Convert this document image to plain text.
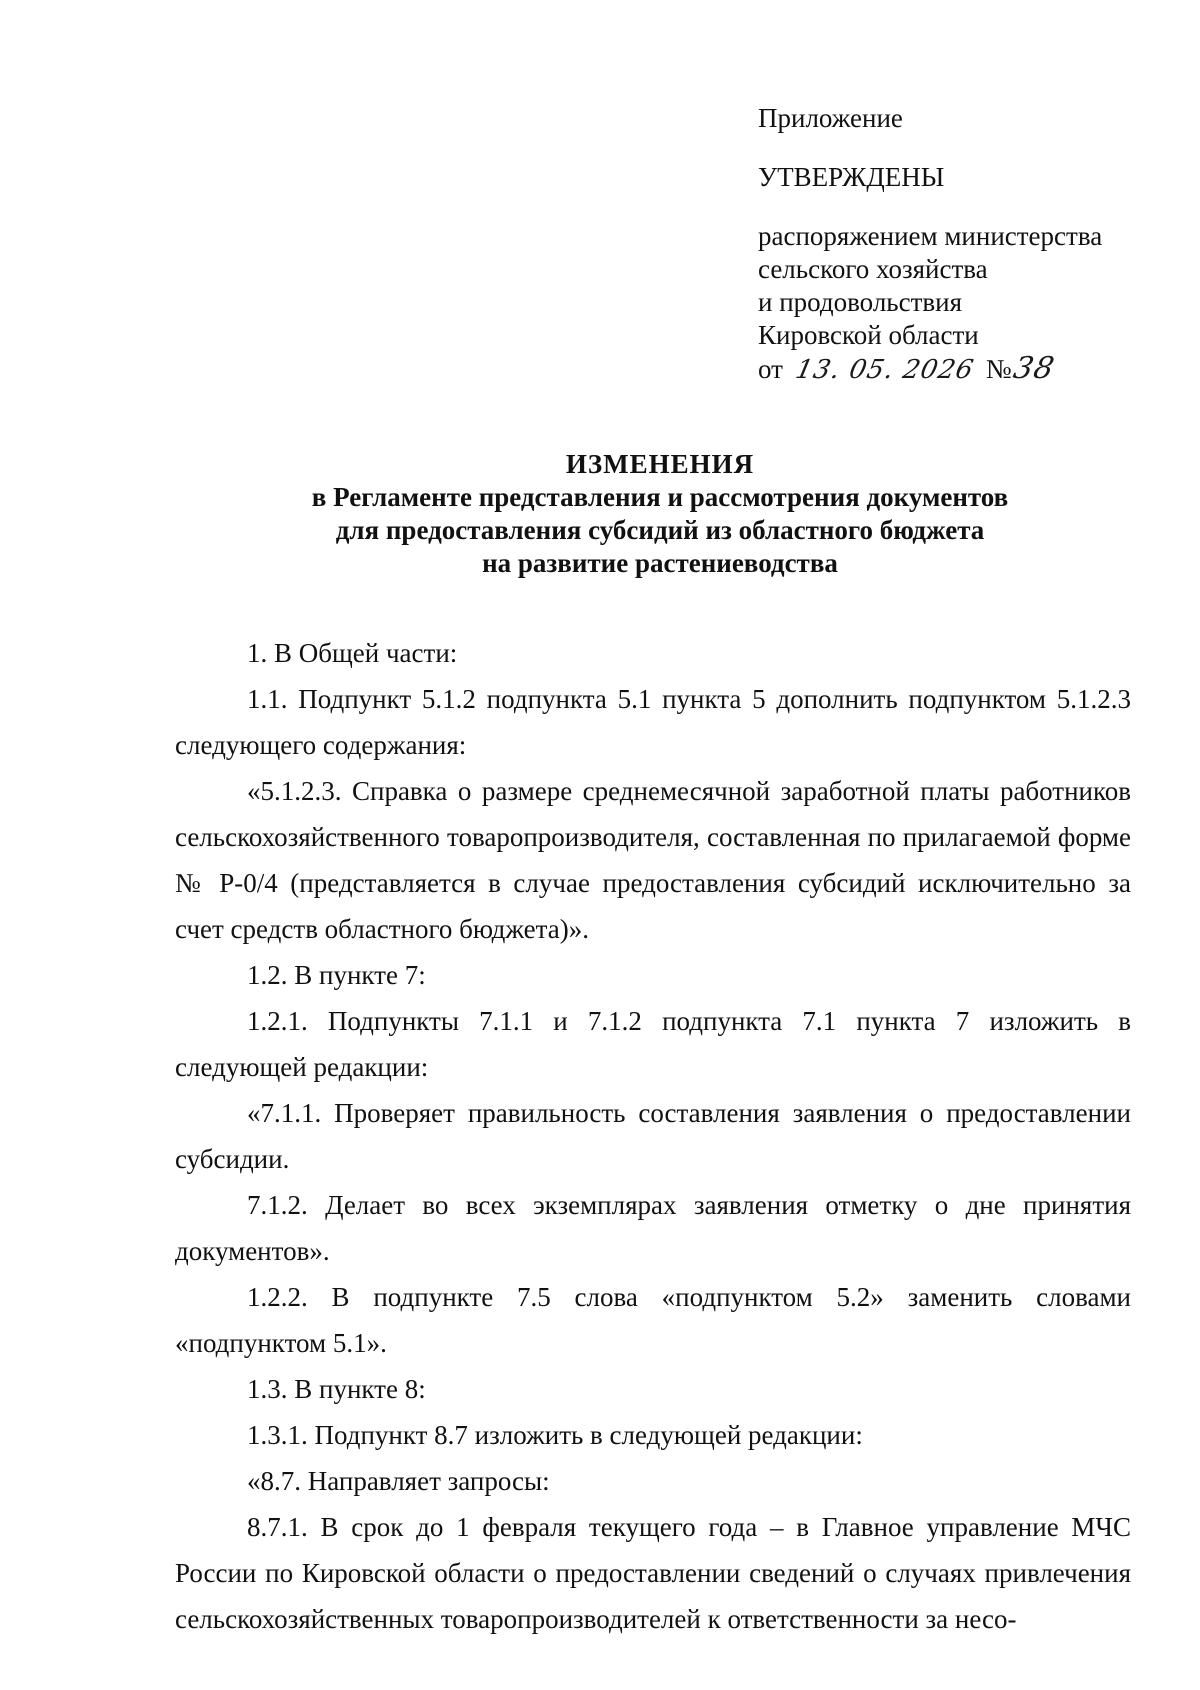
Приложение

УТВЕРЖДЕНЫ

распоряжением министерства

сельского хозяйства

и продовольствия

Кировской области

от 13. 05. 2026 №38

ИЗМЕНЕНИЯ
в Регламенте представления и рассмотрения документов
для предоставления субсидий из областного бюджета
на развитие растениеводства

1. В Общей части:

1.1. Подпункт 5.1.2 подпункта 5.1 пункта 5 дополнить подпунктом 5.1.2.3 следующего содержания:

«5.1.2.3. Справка о размере среднемесячной заработной платы работников сельскохозяйственного товаропроизводителя, составленная по прилагаемой форме № Р-0/4 (представляется в случае предоставления субсидий исключительно за счет средств областного бюджета)».

1.2. В пункте 7:

1.2.1. Подпункты 7.1.1 и 7.1.2 подпункта 7.1 пункта 7 изложить в следующей редакции:

«7.1.1. Проверяет правильность составления заявления о предоставлении субсидии.

7.1.2. Делает во всех экземплярах заявления отметку о дне принятия документов».

1.2.2. В подпункте 7.5 слова «подпунктом 5.2» заменить словами «подпунктом 5.1».

1.3. В пункте 8:

1.3.1. Подпункт 8.7 изложить в следующей редакции:

«8.7. Направляет запросы:

8.7.1. В срок до 1 февраля текущего года – в Главное управление МЧС России по Кировской области о предоставлении сведений о случаях привлечения сельскохозяйственных товаропроизводителей к ответственности за несо-
